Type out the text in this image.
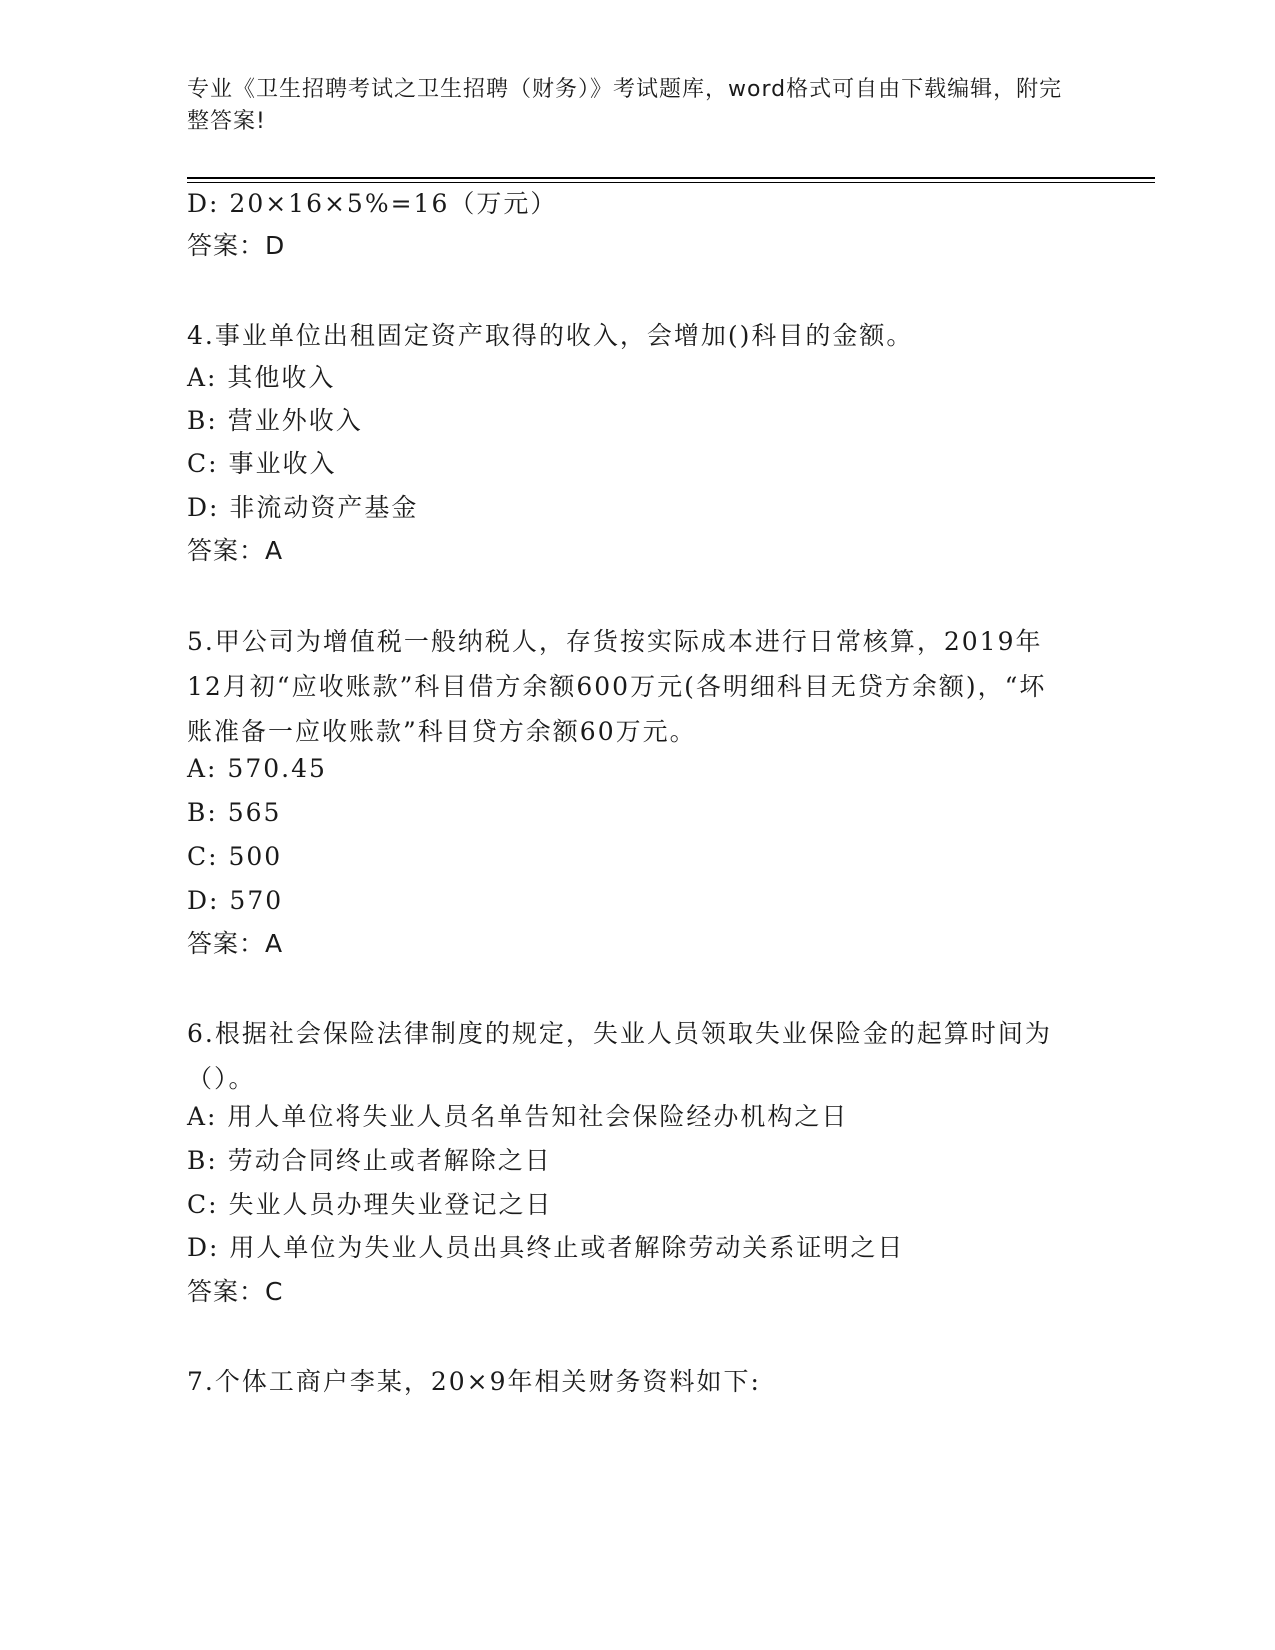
专业《卫生招聘考试之卫生招聘（财务）》考试题库，word格式可自由下载编辑，附完整答案!
D: 20×16×5%=16（万元）
答案：D
4.事业单位出租固定资产取得的收入，会增加()科目的金额。
A: 其他收入
B: 营业外收入
C: 事业收入
D: 非流动资产基金
答案：A
5.甲公司为增值税一般纳税人，存货按实际成本进行日常核算，2019年12月初“应收账款”科目借方余额600万元(各明细科目无贷方余额)，“坏账准备一应收账款”科目贷方余额60万元。
A: 570.45
B: 565
C: 500
D: 570
答案：A
6.根据社会保险法律制度的规定，失业人员领取失业保险金的起算时间为（）。
A: 用人单位将失业人员名单告知社会保险经办机构之日
B: 劳动合同终止或者解除之日
C: 失业人员办理失业登记之日
D: 用人单位为失业人员出具终止或者解除劳动关系证明之日
答案：C
7.个体工商户李某，20×9年相关财务资料如下:
